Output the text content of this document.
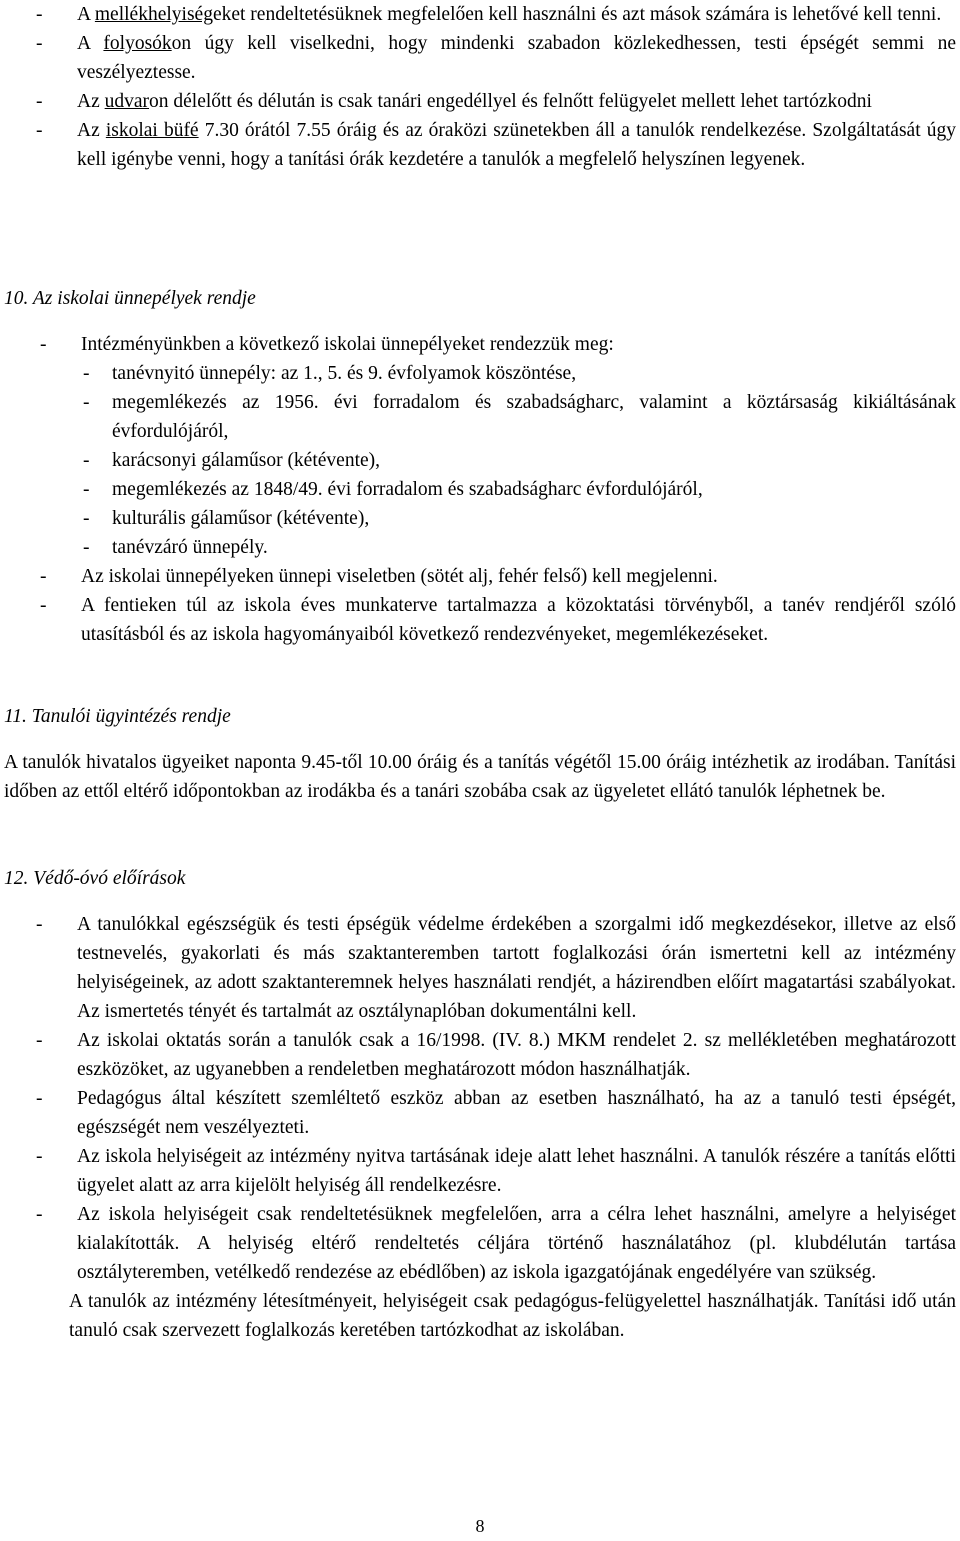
- A mellékhelyiségeket rendeltetésüknek megfelelően kell használni és azt mások számára is lehetővé kell tenni.
- A folyosókon úgy kell viselkedni, hogy mindenki szabadon közlekedhessen, testi épségét semmi ne veszélyeztesse.
- Az udvaron délelőtt és délután is csak tanári engedéllyel és felnőtt felügyelet mellett lehet tartózkodni
- Az iskolai büfé 7.30 órától 7.55 óráig és az óraközi szünetekben áll a tanulók rendelkezése. Szolgáltatását úgy kell igénybe venni, hogy a tanítási órák kezdetére a tanulók a megfelelő helyszínen legyenek.
10. Az iskolai ünnepélyek rendje
- Intézményünkben a következő iskolai ünnepélyeket rendezzük meg:
- tanévnyitó ünnepély: az 1., 5. és 9. évfolyamok köszöntése,
- megemlékezés az 1956. évi forradalom és szabadságharc, valamint a köztársaság kikiáltásának évfordulójáról,
- karácsonyi gálaműsor (kétévente),
- megemlékezés az 1848/49. évi forradalom és szabadságharc évfordulójáról,
- kulturális gálaműsor (kétévente),
- tanévzáró ünnepély.
- Az iskolai ünnepélyeken ünnepi viseletben (sötét alj, fehér felső) kell megjelenni.
- A fentieken túl az iskola éves munkaterve tartalmazza a közoktatási törvényből, a tanév rendjéről szóló utasításból és az iskola hagyományaiból következő rendezvényeket, megemlékezéseket.
11. Tanulói ügyintézés rendje
A tanulók hivatalos ügyeiket naponta 9.45-től 10.00 óráig és a tanítás végétől 15.00 óráig intézhetik az irodában. Tanítási időben az ettől eltérő időpontokban az irodákba és a tanári szobába csak az ügyeletet ellátó tanulók léphetnek be.
12. Védő-óvó előírások
- A tanulókkal egészségük és testi épségük védelme érdekében a szorgalmi idő megkezdésekor, illetve az első testnevelés, gyakorlati és más szaktanteremben tartott foglalkozási órán ismertetni kell az intézmény helyiségeinek, az adott szaktanteremnek helyes használati rendjét, a házirendben előírt magatartási szabályokat. Az ismertetés tényét és tartalmát az osztálynaplóban dokumentálni kell.
- Az iskolai oktatás során a tanulók csak a 16/1998. (IV. 8.) MKM rendelet 2. sz mellékletében meghatározott eszközöket, az ugyanebben a rendeletben meghatározott módon használhatják.
- Pedagógus által készített szemléltető eszköz abban az esetben használható, ha az a tanuló testi épségét, egészségét nem veszélyezteti.
- Az iskola helyiségeit az intézmény nyitva tartásának ideje alatt lehet használni. A tanulók részére a tanítás előtti ügyelet alatt az arra kijelölt helyiség áll rendelkezésre.
- Az iskola helyiségeit csak rendeltetésüknek megfelelően, arra a célra lehet használni, amelyre a helyiséget kialakították. A helyiség eltérő rendeltetés céljára történő használatához (pl. klubdélután tartása osztályteremben, vetélkedő rendezése az ebédlőben) az iskola igazgatójának engedélyére van szükség.
A tanulók az intézmény létesítményeit, helyiségeit csak pedagógus-felügyelettel használhatják. Tanítási idő után tanuló csak szervezett foglalkozás keretében tartózkodhat az iskolában.
8
